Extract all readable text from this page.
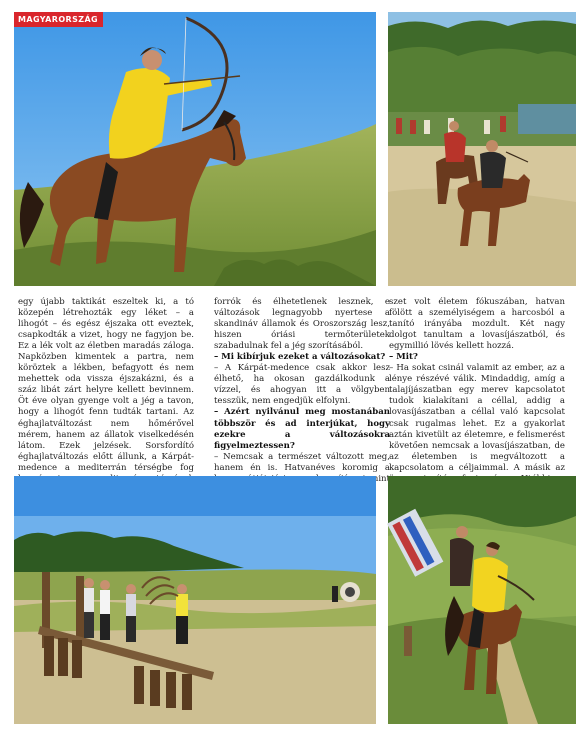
MAGYARORSZÁG

egy újabb taktikát eszeltek ki, a tó közepén létrehozták egy léket – a lihogót – és egész éjszaka ott eveztek, csapkodták a vizet, hogy ne fagyjon be. Ez a lék volt az életben maradás záloga. Napközben kimentek a partra, nem köröztek a lékben, befagyott és nem mehettek oda vissza éjszakázni, és a száz libát zárt helyre kellett bevinnem. Öt éve olyan gyenge volt a jég a tavon, hogy a lihogót fenn tudták tartani. Az éghajlatváltozást nem hőmérővel mérem, hanem az állatok viselkedésén látom. Ezek jelzések. Sorsfordító éghajlatváltozás előtt állunk, a Kárpát-medence a mediterrán térségbe fog

forrók és élhetetlenek lesznek, e változások legnagyobb nyertese a skandináv államok és Oroszország lesz, hiszen óriási termőterületek szabadulnak fel a jég szorításából.

– Mi kibírjuk ezeket a változásokat?

– A Kárpát-medence csak akkor lesz élhető, ha okosan gazdálkodunk a vízzel, és ahogyan itt a völgyben tesszük, nem engedjük elfolyni.

– Azért nyilvánul meg mostanában többször és ad interjúkat, hogy ezekre a változásokra figyelmeztessen?

– Nemcsak a természet változott meg, hanem én is. Hatvanéves koromig a mint

szet volt életem fókuszában, hatvan fölött a személyiségem a harcosból a tanító irányába mozdult. Két nagy dolgot tanultam a lovasíjászatból, és egymillió lövés kellett hozzá.

– Mit?

– Ha sokat csinál valamit az ember, az a lénye részévé válik. Mindaddig, amíg a talajíjászatban egy merev kapcsolatot tudok kialakítani a céllal, addig a lovasíjászatban a céllal való kapcsolat csak rugalmas lehet. Ez a gyakorlat aztán kivetült az életemre, e felismerést követően nemcsak a lovasíjászatban, de az életemben is megváltozott a kapcsolatom a céljaimmal. A másik az
